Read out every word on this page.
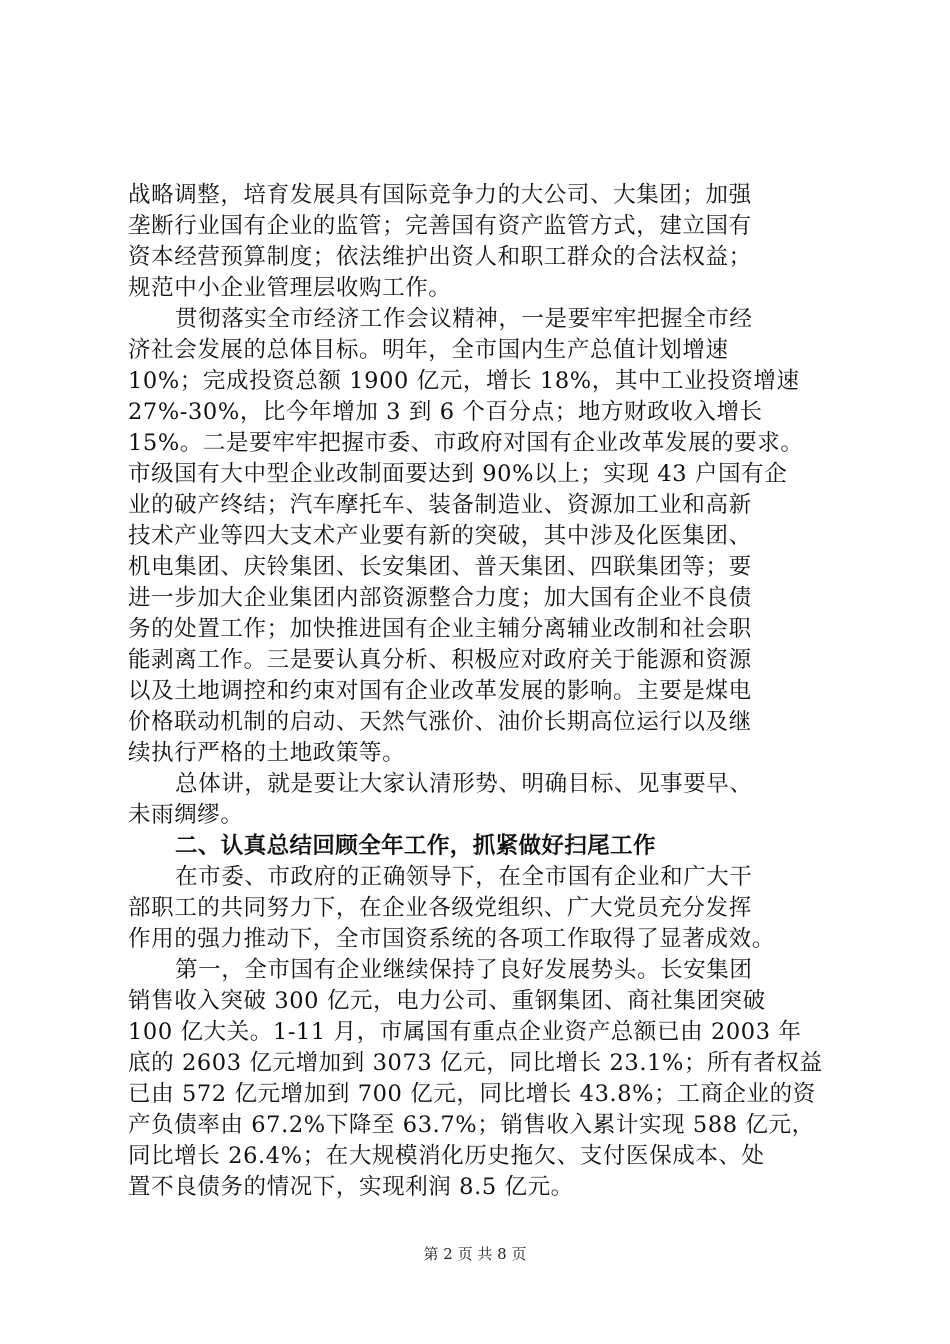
战略调整，培育发展具有国际竞争力的大公司、大集团；加强
垄断行业国有企业的监管；完善国有资产监管方式，建立国有
资本经营预算制度；依法维护出资人和职工群众的合法权益；
规范中小企业管理层收购工作。
贯彻落实全市经济工作会议精神，一是要牢牢把握全市经
济社会发展的总体目标。明年，全市国内生产总值计划增速
10%；完成投资总额 1900 亿元，增长 18%，其中工业投资增速
27%-30%，比今年增加 3 到 6 个百分点；地方财政收入增长
15%。二是要牢牢把握市委、市政府对国有企业改革发展的要求。
市级国有大中型企业改制面要达到 90%以上；实现 43 户国有企
业的破产终结；汽车摩托车、装备制造业、资源加工业和高新
技术产业等四大支术产业要有新的突破，其中涉及化医集团、
机电集团、庆铃集团、长安集团、普天集团、四联集团等；要
进一步加大企业集团内部资源整合力度；加大国有企业不良债
务的处置工作；加快推进国有企业主辅分离辅业改制和社会职
能剥离工作。三是要认真分析、积极应对政府关于能源和资源
以及土地调控和约束对国有企业改革发展的影响。主要是煤电
价格联动机制的启动、天然气涨价、油价长期高位运行以及继
续执行严格的土地政策等。
总体讲，就是要让大家认清形势、明确目标、见事要早、
未雨绸缪。
二、认真总结回顾全年工作，抓紧做好扫尾工作
在市委、市政府的正确领导下，在全市国有企业和广大干
部职工的共同努力下，在企业各级党组织、广大党员充分发挥
作用的强力推动下，全市国资系统的各项工作取得了显著成效。
第一，全市国有企业继续保持了良好发展势头。长安集团
销售收入突破 300 亿元，电力公司、重钢集团、商社集团突破
100 亿大关。1-11 月，市属国有重点企业资产总额已由 2003 年
底的 2603 亿元增加到 3073 亿元，同比增长 23.1%；所有者权益
已由 572 亿元增加到 700 亿元，同比增长 43.8%；工商企业的资
产负债率由 67.2%下降至 63.7%；销售收入累计实现 588 亿元，
同比增长 26.4%；在大规模消化历史拖欠、支付医保成本、处
置不良债务的情况下，实现利润 8.5 亿元。
第 2 页 共 8 页
